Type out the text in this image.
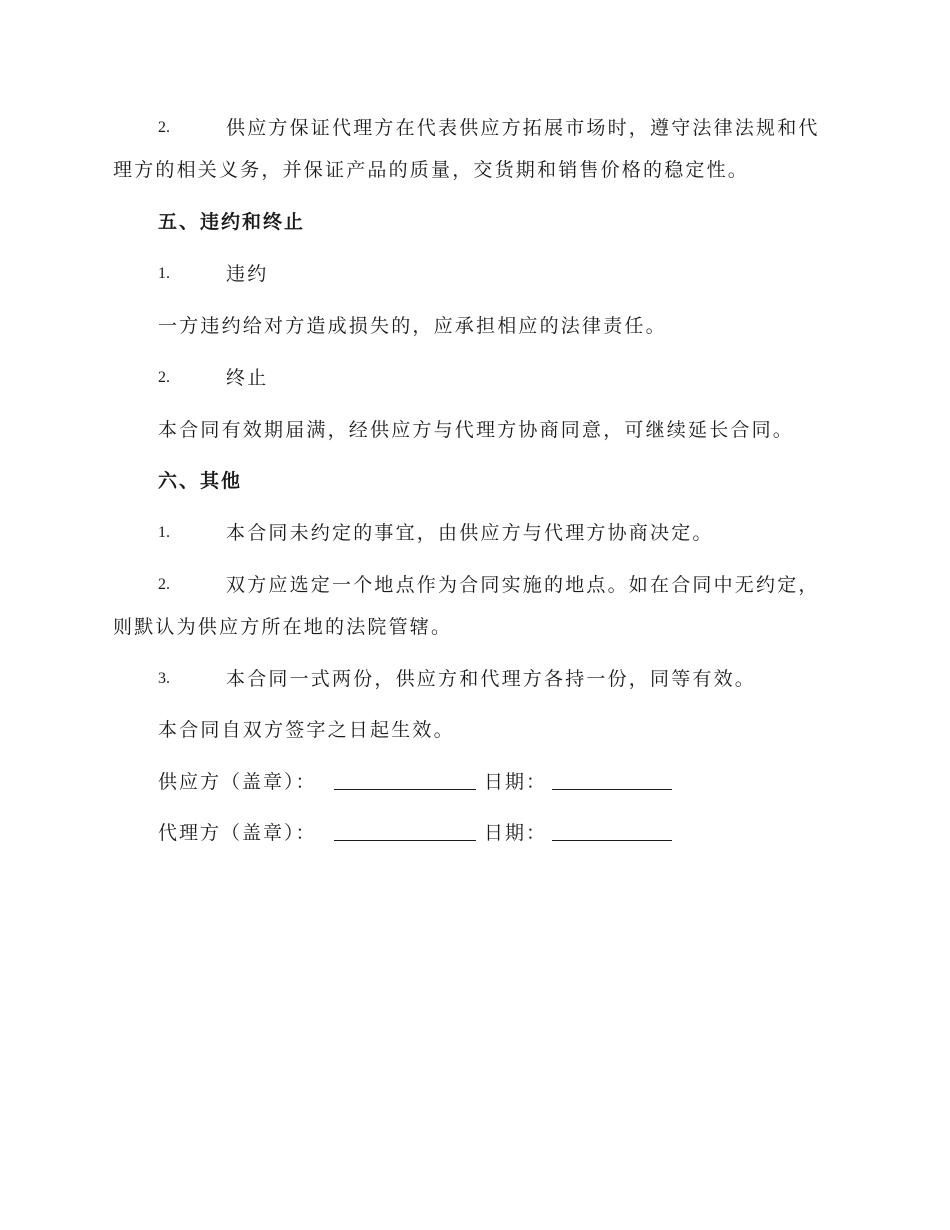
2.	供应方保证代理方在代表供应方拓展市场时，遵守法律法规和代
理方的相关义务，并保证产品的质量，交货期和销售价格的稳定性。
五、违约和终止
1.	违约
一方违约给对方造成损失的，应承担相应的法律责任。
2.	终止
本合同有效期届满，经供应方与代理方协商同意，可继续延长合同。
六、其他
1.	本合同未约定的事宜，由供应方与代理方协商决定。
2.	双方应选定一个地点作为合同实施的地点。如在合同中无约定，
则默认为供应方所在地的法院管辖。
3.	本合同一式两份，供应方和代理方各持一份，同等有效。
本合同自双方签字之日起生效。
供应方（盖章）：	日期：
代理方（盖章）：	日期：
